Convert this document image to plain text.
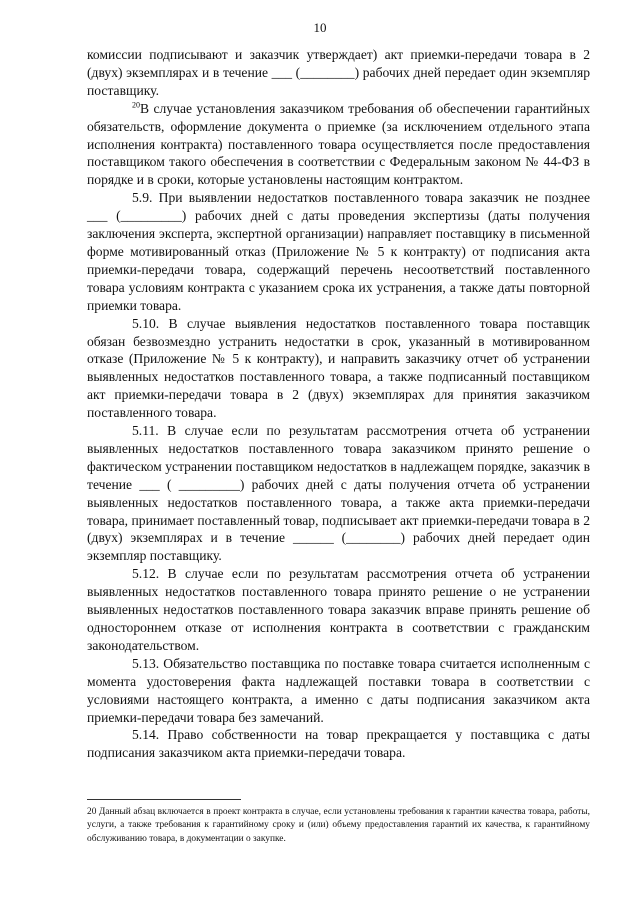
10

комиссии подписывают и заказчик утверждает) акт приемки-передачи товара в 2 (двух) экземплярах и в течение ___ (________) рабочих дней передает один экземпляр поставщику.

$^{20}$В случае установления заказчиком требования об обеспечении гарантийных обязательств, оформление документа о приемке (за исключением отдельного этапа исполнения контракта) поставленного товара осуществляется после предоставления поставщиком такого обеспечения в соответствии с Федеральным законом № 44-ФЗ в порядке и в сроки, которые установлены настоящим контрактом.

5.9. При выявлении недостатков поставленного товара заказчик не позднее ___ (_________) рабочих дней с даты проведения экспертизы (даты получения заключения эксперта, экспертной организации) направляет поставщику в письменной форме мотивированный отказ (Приложение № 5 к контракту) от подписания акта приемки-передачи товара, содержащий перечень несоответствий поставленного товара условиям контракта с указанием срока их устранения, а также даты повторной приемки товара.

5.10. В случае выявления недостатков поставленного товара поставщик обязан безвозмездно устранить недостатки в срок, указанный в мотивированном отказе (Приложение № 5 к контракту), и направить заказчику отчет об устранении выявленных недостатков поставленного товара, а также подписанный поставщиком акт приемки-передачи товара в 2 (двух) экземплярах для принятия заказчиком поставленного товара.

5.11. В случае если по результатам рассмотрения отчета об устранении выявленных недостатков поставленного товара заказчиком принято решение о фактическом устранении поставщиком недостатков в надлежащем порядке, заказчик в течение ___ ( _________) рабочих дней с даты получения отчета об устранении выявленных недостатков поставленного товара, а также акта приемки-передачи товара, принимает поставленный товар, подписывает акт приемки-передачи товара в 2 (двух) экземплярах и в течение ______ (________) рабочих дней передает один экземпляр поставщику.

5.12. В случае если по результатам рассмотрения отчета об устранении выявленных недостатков поставленного товара принято решение о не устранении выявленных недостатков поставленного товара заказчик вправе принять решение об одностороннем отказе от исполнения контракта в соответствии с гражданским законодательством.

5.13. Обязательство поставщика по поставке товара считается исполненным с момента удостоверения факта надлежащей поставки товара в соответствии с условиями настоящего контракта, а именно с даты подписания заказчиком акта приемки-передачи товара без замечаний.

5.14. Право собственности на товар прекращается у поставщика с даты подписания заказчиком акта приемки-передачи товара.

20 Данный абзац включается в проект контракта в случае, если установлены требования к гарантии качества товара, работы, услуги, а также требования к гарантийному сроку и (или) объему предоставления гарантий их качества, к гарантийному обслуживанию товара, в документации о закупке.
